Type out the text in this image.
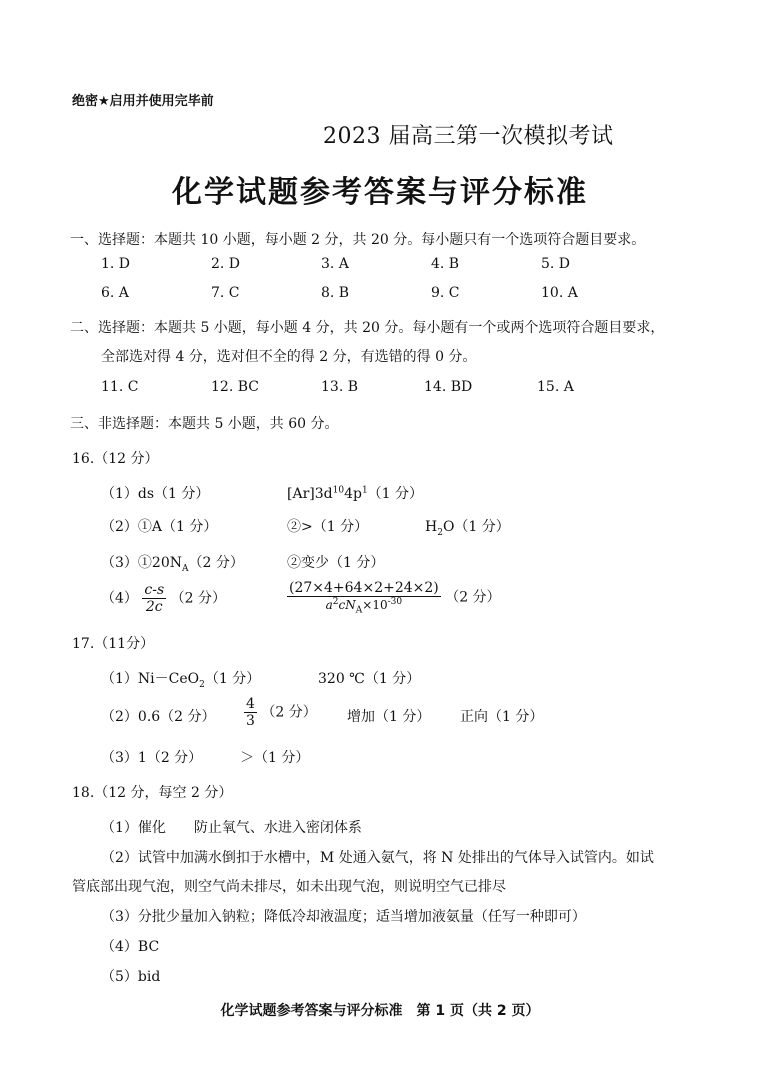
绝密★启用并使用完毕前
2023 届高三第一次模拟考试
化学试题参考答案与评分标准
一、选择题：本题共 10 小题，每小题 2 分，共 20 分。每小题只有一个选项符合题目要求。
1. D	2. D	3. A	4. B	5. D
6. A	7. C	8. B	9. C	10. A
二、选择题：本题共 5 小题，每小题 4 分，共 20 分。每小题有一个或两个选项符合题目要求，
全部选对得 4 分，选对但不全的得 2 分，有选错的得 0 分。
11. C	12. BC	13. B	14. BD	15. A
三、非选择题：本题共 5 小题，共 60 分。
16.（12 分）
（1）ds（1 分）	$[Ar]3d^{10}4p^1(1$ 分）
（2）①A（1 分）	②>（1 分）	$H_2O(1$ 分）
$(3)①20N_A(2$ 分）	②变少（1 分）
$(4) \frac{c-s}{2c} (2$ 分）	$\frac{(27\times 4+64\times 2+24\times 2)}{a^2cN_A\times 10^{-30}} (2$ 分）
17.（11分）
（1）Ni－CeO$_2$（1 分）	320 ℃（1 分）
（2）0.6（2 分） $\frac{4}{3} (2$ 分） 增加（1 分） 正向（1 分）
（3）1（2 分）	＞（1 分）
18.（12 分，每空 2 分）
（1）催化　　防止氧气、水进入密闭体系
（2）试管中加满水倒扣于水槽中，M 处通入氨气，将 N 处排出的气体导入试管内。如试
管底部出现气泡，则空气尚未排尽，如未出现气泡，则说明空气已排尽
（3）分批少量加入钠粒；降低冷却液温度；适当增加液氨量（任写一种即可）
（4）BC
（5）bid
化学试题参考答案与评分标准　第 1 页（共 2 页）
